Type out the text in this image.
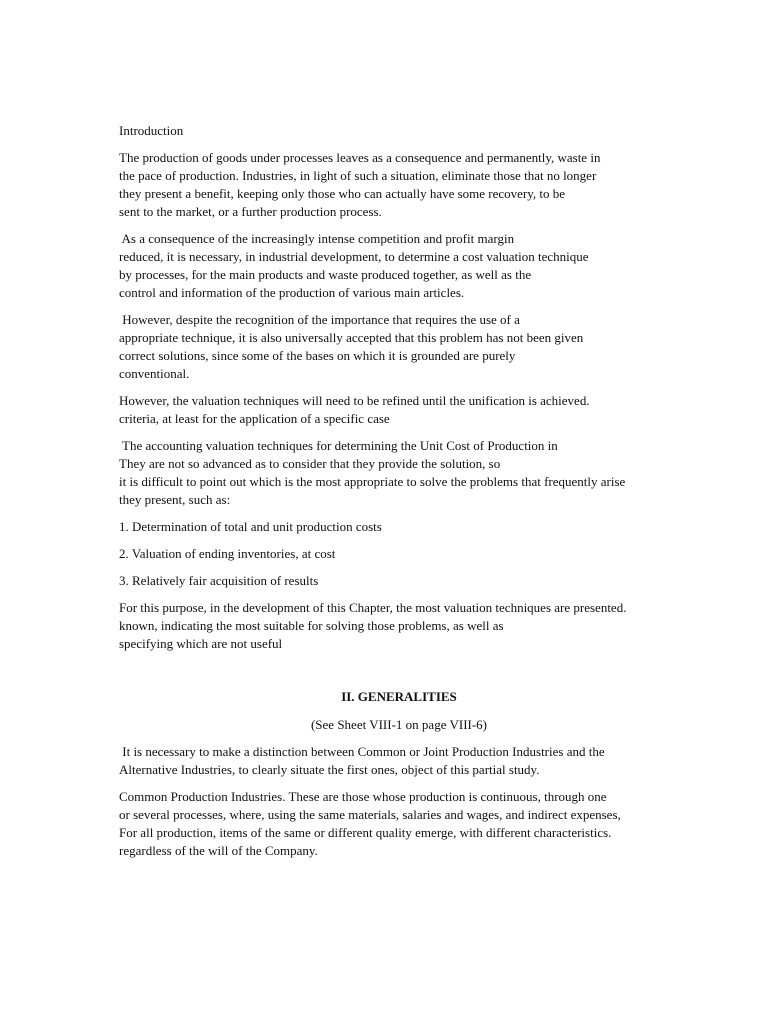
Introduction
The production of goods under processes leaves as a consequence and permanently, waste in
the pace of production. Industries, in light of such a situation, eliminate those that no longer
they present a benefit, keeping only those who can actually have some recovery, to be
sent to the market, or a further production process.
As a consequence of the increasingly intense competition and profit margin
reduced, it is necessary, in industrial development, to determine a cost valuation technique
by processes, for the main products and waste produced together, as well as the
control and information of the production of various main articles.
However, despite the recognition of the importance that requires the use of a
appropriate technique, it is also universally accepted that this problem has not been given
correct solutions, since some of the bases on which it is grounded are purely
conventional.
However, the valuation techniques will need to be refined until the unification is achieved.
criteria, at least for the application of a specific case
The accounting valuation techniques for determining the Unit Cost of Production in
They are not so advanced as to consider that they provide the solution, so
it is difficult to point out which is the most appropriate to solve the problems that frequently arise
they present, such as:
1. Determination of total and unit production costs
2. Valuation of ending inventories, at cost
3. Relatively fair acquisition of results
For this purpose, in the development of this Chapter, the most valuation techniques are presented.
known, indicating the most suitable for solving those problems, as well as
specifying which are not useful
II. GENERALITIES
(See Sheet VIII-1 on page VIII-6)
It is necessary to make a distinction between Common or Joint Production Industries and the
Alternative Industries, to clearly situate the first ones, object of this partial study.
Common Production Industries. These are those whose production is continuous, through one
or several processes, where, using the same materials, salaries and wages, and indirect expenses,
For all production, items of the same or different quality emerge, with different characteristics.
regardless of the will of the Company.
